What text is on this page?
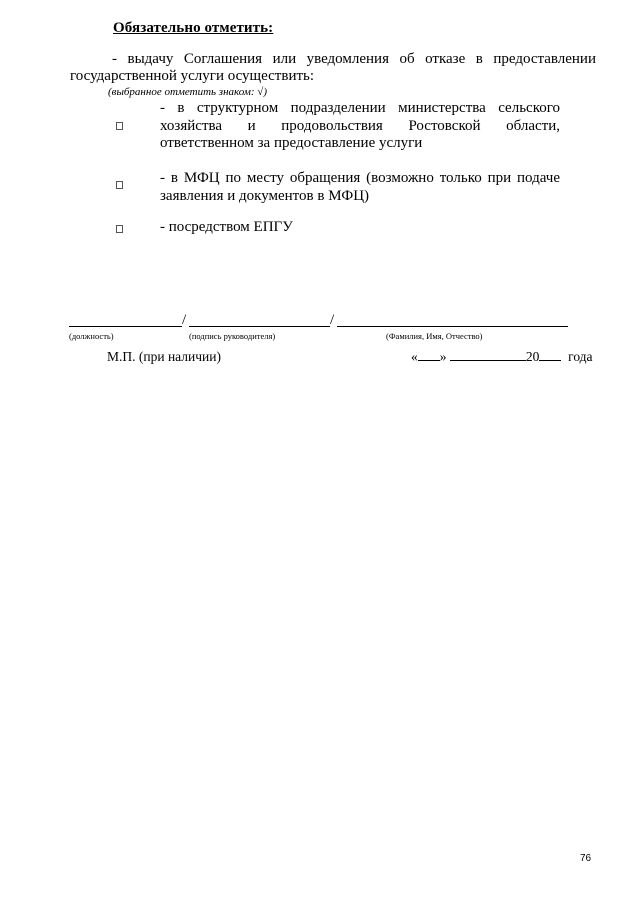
Обязательно отметить:
- выдачу Соглашения или уведомления об отказе в предоставлении
государственной услуги осуществить:
(выбранное отметить знаком: √)
- в структурном подразделении министерства сельского
хозяйства и продовольствия Ростовской области,
ответственном за предоставление услуги
- в МФЦ по месту обращения (возможно только при подаче
заявления и документов в МФЦ)
- посредством ЕПГУ
/	/
(должность)	(подпись руководителя)	(Фамилия, Имя, Отчество)
М.П. (при наличии)	« »	20 года
76
